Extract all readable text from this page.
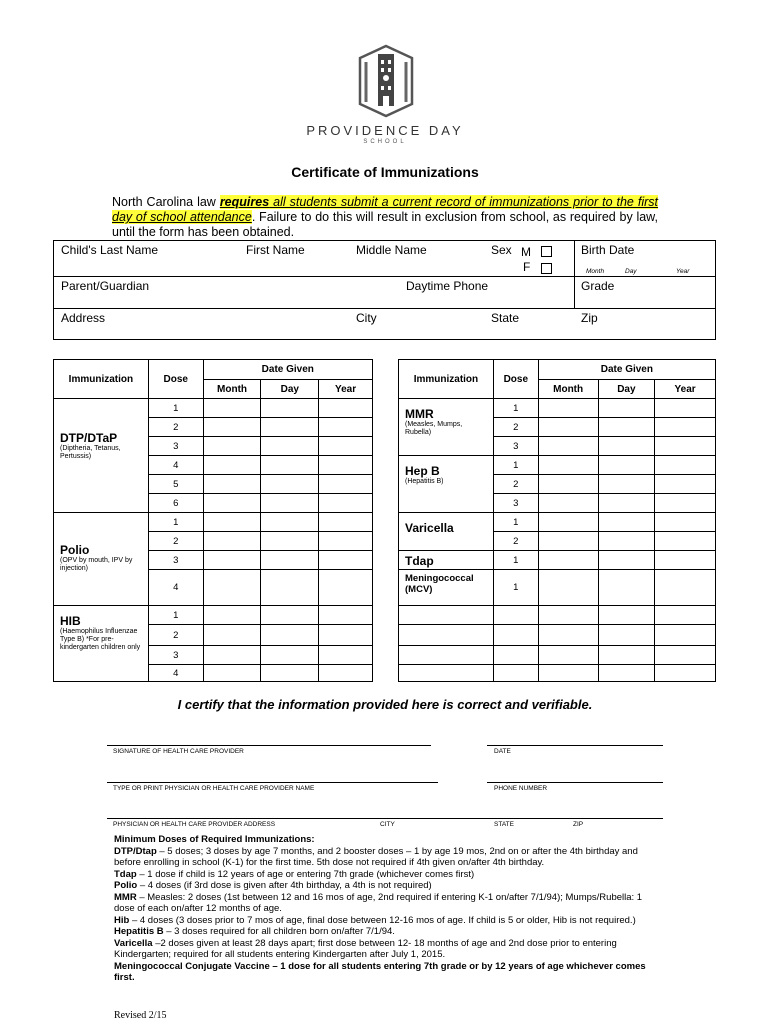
PROVIDENCE DAY
SCHOOL
Certificate of Immunizations
North Carolina law requires all students submit a current record of immunizations prior to the first day of school attendance. Failure to do this will result in exclusion from school, as required by law, until the form has been obtained.
Child's Last Name	First Name	Middle Name	Sex M
F
Birth Date
Month	Day	Year
Parent/Guardian	Daytime Phone	Grade
Address	City	State	Zip
Immunization	Dose	Date Given		
		Month	Day	Year

DTP/DTaP
(Diptheria, Tetanus, Pertussis)	1			
	2			
	3			
	4			
	5			
	6			

Polio
(OPV by mouth, IPV by injection)	1			
	2			
	3			
	4			

HIB
(Haemophilus Influenzae Type B) *For pre-kindergarten children only	1			
	2			
	3			
	4			
Immunization	Dose	Date Given		
		Month	Day	Year

MMR
(Measles, Mumps, Rubella)	1			
	2			
	3			

Hep B
(Hepatitis B)	1			
	2			
	3			

Varicella	1			
	2			

Tdap	1			

Meningococcal (MCV)	1			

I certify that the information provided here is correct and verifiable.
SIGNATURE OF HEALTH CARE PROVIDER	DATE
TYPE OR PRINT PHYSICIAN OR HEALTH CARE PROVIDER NAME	PHONE NUMBER
PHYSICIAN OR HEALTH CARE PROVIDER ADDRESS	CITY	STATE	ZIP

Minimum Doses of Required Immunizations:

DTP/Dtap – 5 doses; 3 doses by age 7 months, and 2 booster doses – 1 by age 19 mos, 2nd on or after the 4th birthday and before enrolling in school (K-1) for the first time. 5th dose not required if 4th given on/after 4th birthday.

Tdap – 1 dose if child is 12 years of age or entering 7th grade (whichever comes first)

Polio – 4 doses (if 3rd dose is given after 4th birthday, a 4th is not required)

MMR – Measles: 2 doses (1st between 12 and 16 mos of age, 2nd required if entering K-1 on/after 7/1/94); Mumps/Rubella: 1 dose of each on/after 12 months of age.

Hib – 4 doses (3 doses prior to 7 mos of age, final dose between 12-16 mos of age. If child is 5 or older, Hib is not required.)

Hepatitis B – 3 doses required for all children born on/after 7/1/94.

Varicella –2 doses given at least 28 days apart; first dose between 12- 18 months of age and 2nd dose prior to entering Kindergarten; required for all students entering Kindergarten after July 1, 2015.

Meningococcal Conjugate Vaccine – 1 dose for all students entering 7th grade or by 12 years of age whichever comes first.

Revised 2/15
